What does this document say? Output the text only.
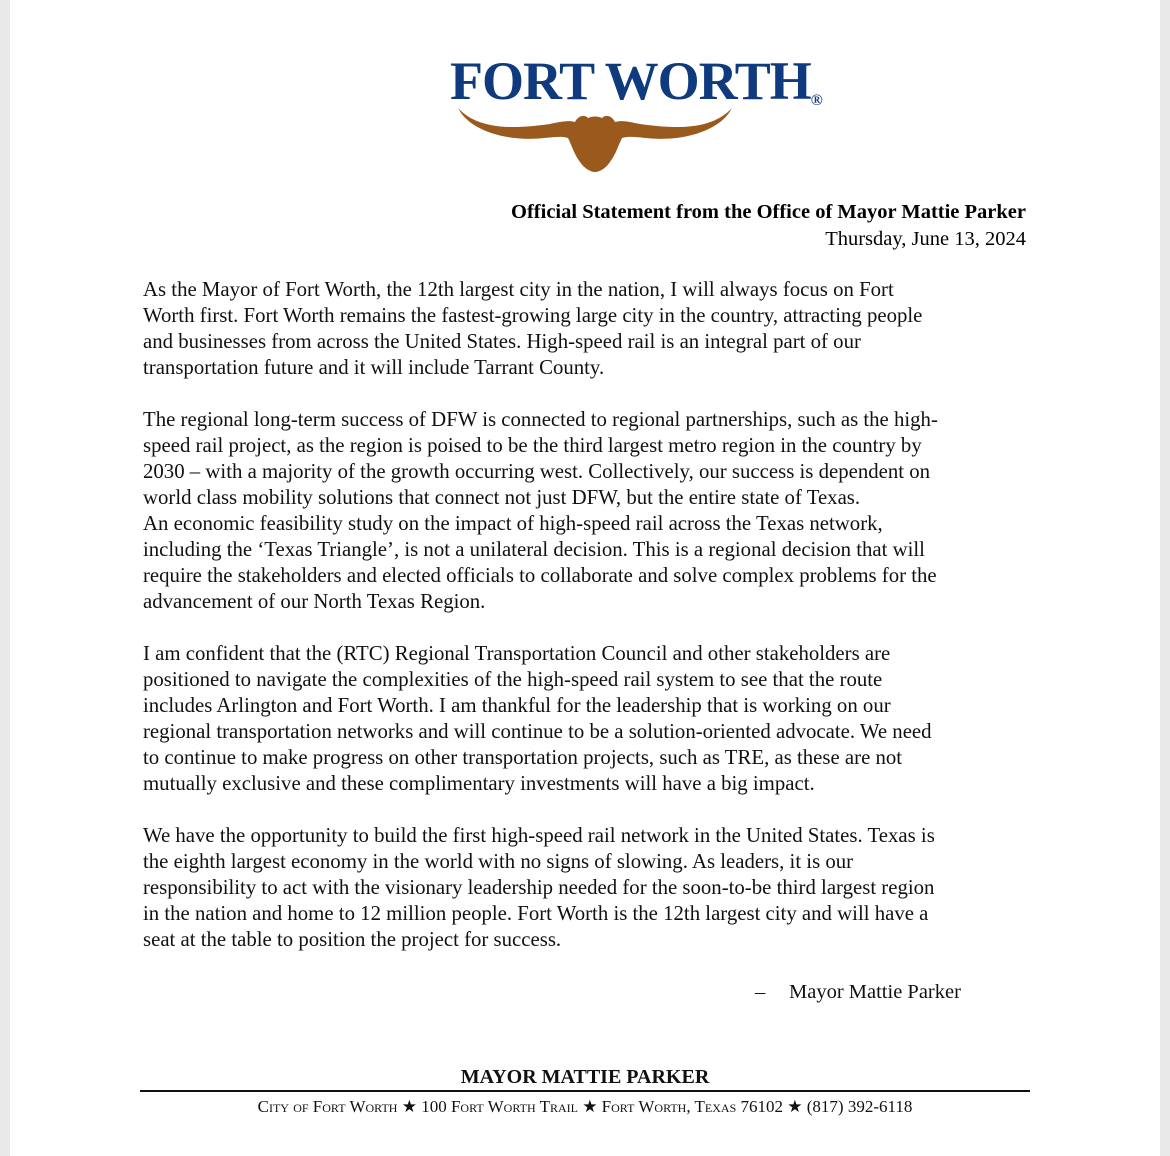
FORT WORTH®
Official Statement from the Office of Mayor Mattie Parker
Thursday, June 13, 2024

As the Mayor of Fort Worth, the 12th largest city in the nation, I will always focus on Fort
Worth first. Fort Worth remains the fastest-growing large city in the country, attracting people
and businesses from across the United States. High-speed rail is an integral part of our
transportation future and it will include Tarrant County.

The regional long-term success of DFW is connected to regional partnerships, such as the high-
speed rail project, as the region is poised to be the third largest metro region in the country by
2030 – with a majority of the growth occurring west. Collectively, our success is dependent on
world class mobility solutions that connect not just DFW, but the entire state of Texas.
An economic feasibility study on the impact of high-speed rail across the Texas network,
including the ‘Texas Triangle’, is not a unilateral decision. This is a regional decision that will
require the stakeholders and elected officials to collaborate and solve complex problems for the
advancement of our North Texas Region.

I am confident that the (RTC) Regional Transportation Council and other stakeholders are
positioned to navigate the complexities of the high-speed rail system to see that the route
includes Arlington and Fort Worth. I am thankful for the leadership that is working on our
regional transportation networks and will continue to be a solution-oriented advocate. We need
to continue to make progress on other transportation projects, such as TRE, as these are not
mutually exclusive and these complimentary investments will have a big impact.

We have the opportunity to build the first high-speed rail network in the United States. Texas is
the eighth largest economy in the world with no signs of slowing. As leaders, it is our
responsibility to act with the visionary leadership needed for the soon-to-be third largest region
in the nation and home to 12 million people. Fort Worth is the 12th largest city and will have a
seat at the table to position the project for success.

– Mayor Mattie Parker
MAYOR MATTIE PARKER
City of Fort Worth ★ 100 Fort Worth Trail ★ Fort Worth, Texas 76102 ★ (817) 392-6118
